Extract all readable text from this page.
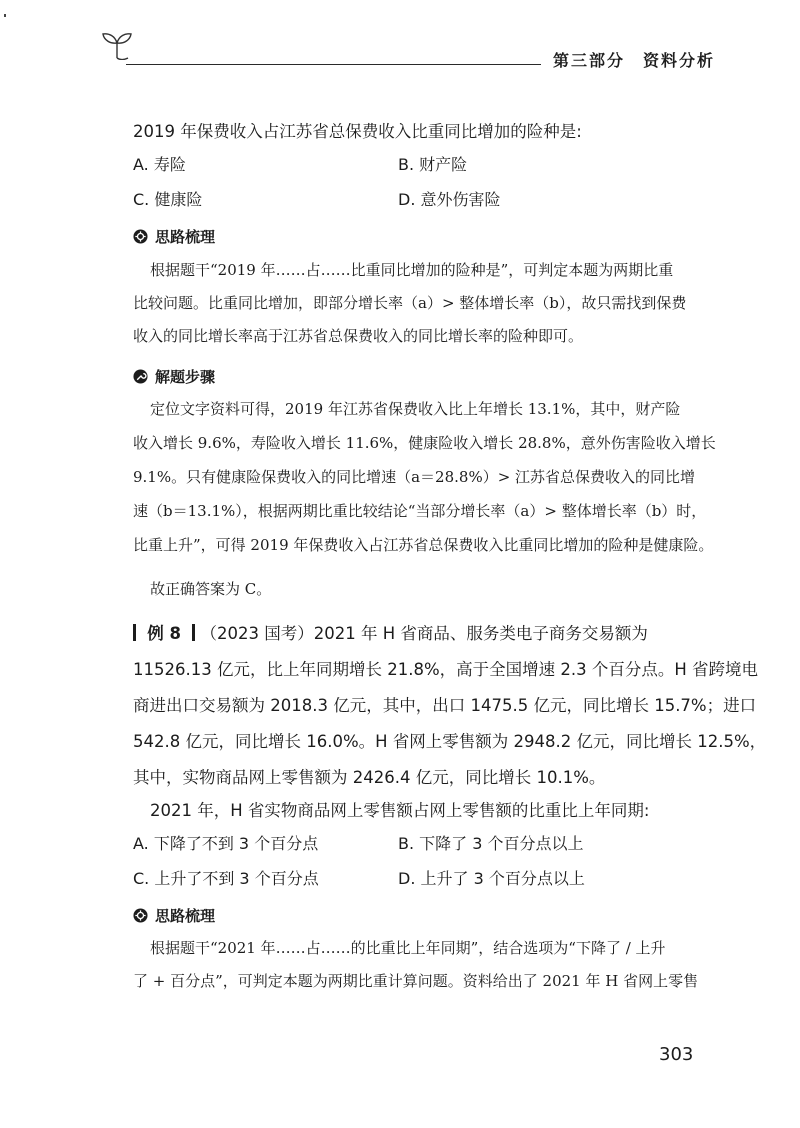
第三部分　资料分析
2019 年保费收入占江苏省总保费收入比重同比增加的险种是:
A. 寿险	B. 财产险
C. 健康险	D. 意外伤害险
思路梳理
根据题干“2019 年……占……比重同比增加的险种是”，可判定本题为两期比重
比较问题。比重同比增加，即部分增长率（a）> 整体增长率（b），故只需找到保费
收入的同比增长率高于江苏省总保费收入的同比增长率的险种即可。
解题步骤
定位文字资料可得，2019 年江苏省保费收入比上年增长 13.1%，其中，财产险
收入增长 9.6%，寿险收入增长 11.6%，健康险收入增长 28.8%，意外伤害险收入增长
9.1%。只有健康险保费收入的同比增速（a＝28.8%）> 江苏省总保费收入的同比增
速（b＝13.1%），根据两期比重比较结论“当部分增长率（a）> 整体增长率（b）时，
比重上升”，可得 2019 年保费收入占江苏省总保费收入比重同比增加的险种是健康险。
故正确答案为 C。
例 8 （2023 国考）2021 年 H 省商品、服务类电子商务交易额为
11526.13 亿元，比上年同期增长 21.8%，高于全国增速 2.3 个百分点。H 省跨境电
商进出口交易额为 2018.3 亿元，其中，出口 1475.5 亿元，同比增长 15.7%；进口
542.8 亿元，同比增长 16.0%。H 省网上零售额为 2948.2 亿元，同比增长 12.5%，
其中，实物商品网上零售额为 2426.4 亿元，同比增长 10.1%。
2021 年，H 省实物商品网上零售额占网上零售额的比重比上年同期:
A. 下降了不到 3 个百分点	B. 下降了 3 个百分点以上
C. 上升了不到 3 个百分点	D. 上升了 3 个百分点以上
思路梳理
根据题干“2021 年……占……的比重比上年同期”，结合选项为“下降了 / 上升
了 + 百分点”，可判定本题为两期比重计算问题。资料给出了 2021 年 H 省网上零售
303
